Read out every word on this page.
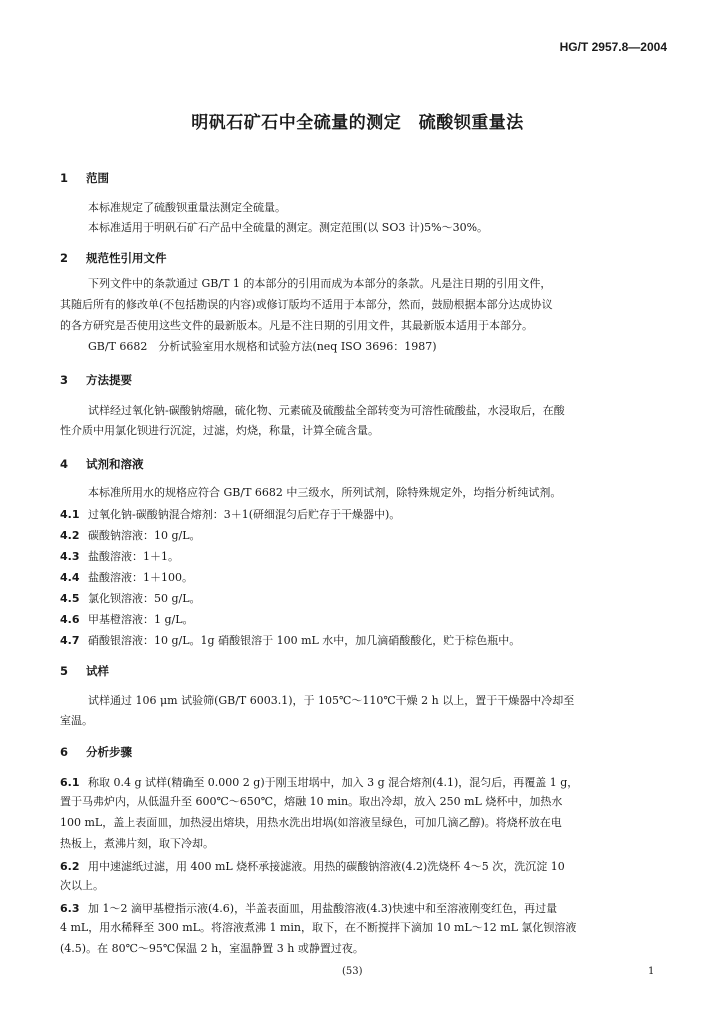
HG/T 2957.8—2004
明矾石矿石中全硫量的测定　硫酸钡重量法
1 范围
本标准规定了硫酸钡重量法测定全硫量。
本标准适用于明矾石矿石产品中全硫量的测定。测定范围(以 SO3 计)5%～30%。
2 规范性引用文件
下列文件中的条款通过 GB/T 1 的本部分的引用而成为本部分的条款。凡是注日期的引用文件，
其随后所有的修改单(不包括勘误的内容)或修订版均不适用于本部分，然而，鼓励根据本部分达成协议
的各方研究是否使用这些文件的最新版本。凡是不注日期的引用文件，其最新版本适用于本部分。
GB/T 6682　分析试验室用水规格和试验方法(neq ISO 3696：1987)
3 方法提要
试样经过氧化钠-碳酸钠熔融，硫化物、元素硫及硫酸盐全部转变为可溶性硫酸盐，水浸取后，在酸
性介质中用氯化钡进行沉淀，过滤，灼烧，称量，计算全硫含量。
4 试剂和溶液
本标准所用水的规格应符合 GB/T 6682 中三级水，所列试剂，除特殊规定外，均指分析纯试剂。
4.1 过氧化钠-碳酸钠混合熔剂：3＋1(研细混匀后贮存于干燥器中)。
4.2 碳酸钠溶液：10 g/L。
4.3 盐酸溶液：1＋1。
4.4 盐酸溶液：1＋100。
4.5 氯化钡溶液：50 g/L。
4.6 甲基橙溶液：1 g/L。
4.7 硝酸银溶液：10 g/L。1g 硝酸银溶于 100 mL 水中，加几滴硝酸酸化，贮于棕色瓶中。
5 试样
试样通过 106 μm 试验筛(GB/T 6003.1)，于 105℃～110℃干燥 2 h 以上，置于干燥器中冷却至
室温。
6 分析步骤
6.1 称取 0.4 g 试样(精确至 0.000 2 g)于刚玉坩埚中，加入 3 g 混合熔剂(4.1)，混匀后，再覆盖 1 g，
置于马弗炉内，从低温升至 600℃～650℃，熔融 10 min。取出冷却，放入 250 mL 烧杯中，加热水
100 mL，盖上表面皿，加热浸出熔块，用热水洗出坩埚(如溶液呈绿色，可加几滴乙醇)。将烧杯放在电
热板上，煮沸片刻，取下冷却。
6.2 用中速滤纸过滤，用 400 mL 烧杯承接滤液。用热的碳酸钠溶液(4.2)洗烧杯 4～5 次，洗沉淀 10
次以上。
6.3 加 1～2 滴甲基橙指示液(4.6)，半盖表面皿，用盐酸溶液(4.3)快速中和至溶液刚变红色，再过量
4 mL，用水稀释至 300 mL。将溶液煮沸 1 min，取下，在不断搅拌下滴加 10 mL～12 mL 氯化钡溶液
(4.5)。在 80℃～95℃保温 2 h，室温静置 3 h 或静置过夜。
(53)	1
